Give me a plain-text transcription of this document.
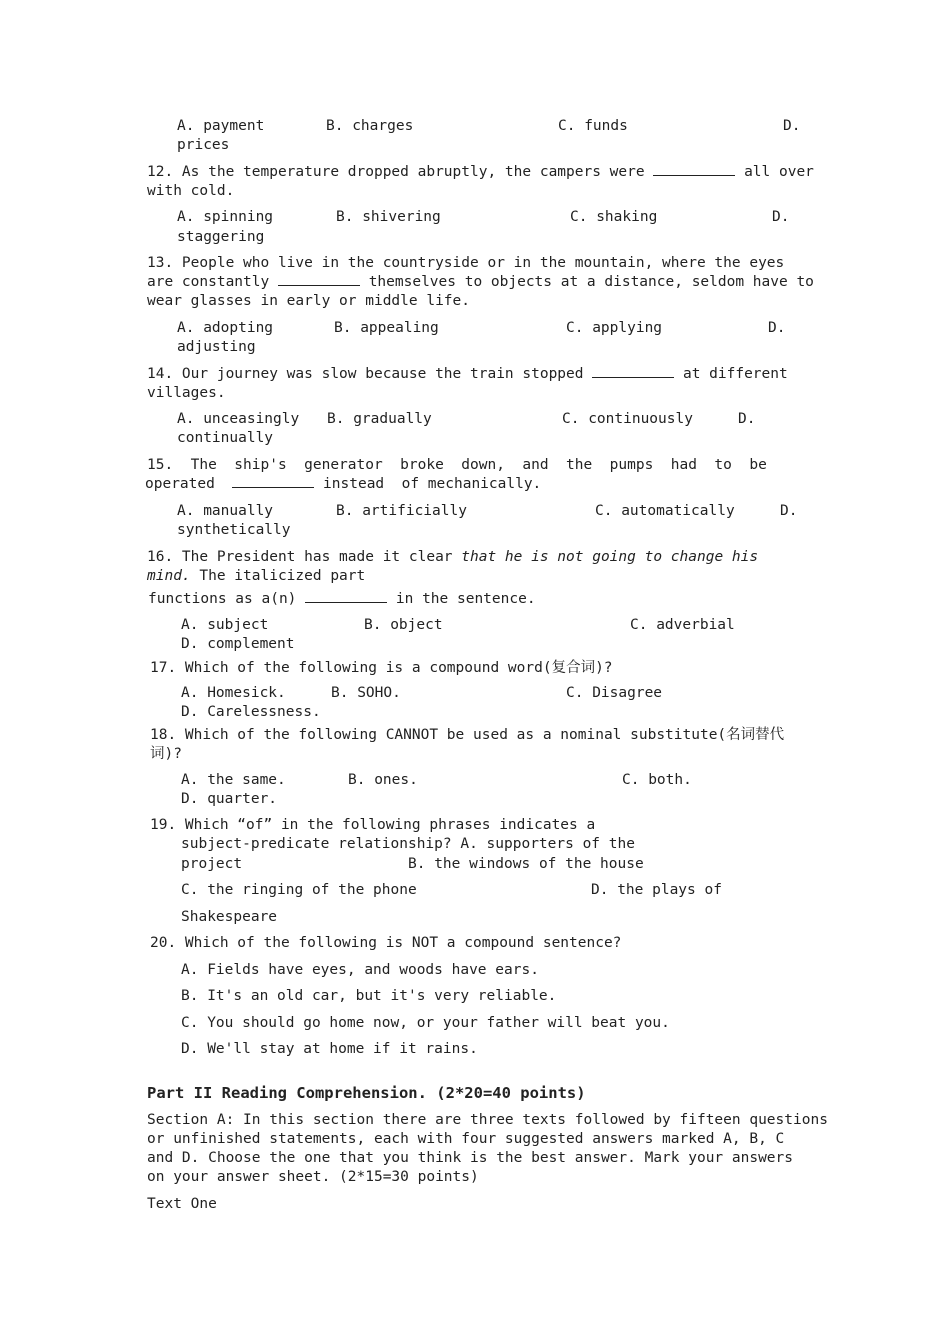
A. payment	B. charges	C. funds	D.
prices
12. As the temperature dropped abruptly, the campers were	all over
with cold.
A. spinning	B. shivering	C. shaking	D.
staggering
13. People who live in the countryside or in the mountain, where the eyes
are constantly	themselves to objects at a distance, seldom have to
wear glasses in early or middle life.
A. adopting	B. appealing	C. applying	D.
adjusting
14. Our journey was slow because the train stopped	at different
villages.
A. unceasingly B. gradually	C. continuously	D.
continually
15.  The  ship's  generator  broke  down,  and  the  pumps  had  to  be
operated	instead  of mechanically.
A. manually	B. artificially	C. automatically	D.
synthetically
16. The President has made it clear that he is not going to change his
mind. The italicized part
functions as a(n)	in the sentence.
A. subject	B. object	C. adverbial
D. complement
17. Which of the following is a compound word(复合词)?
A. Homesick.	B. SOHO.	C. Disagree
D. Carelessness.
18. Which of the following CANNOT be used as a nominal substitute(名词替代
词)?
A. the same.	B. ones.	C. both.
D. quarter.
19. Which “of” in the following phrases indicates a
subject-predicate relationship? A. supporters of the
project	B. the windows of the house
C. the ringing of the phone	D. the plays of
Shakespeare
20. Which of the following is NOT a compound sentence?
A. Fields have eyes, and woods have ears.
B. It's an old car, but it's very reliable.
C. You should go home now, or your father will beat you.
D. We'll stay at home if it rains.
Part II Reading Comprehension. (2*20=40 points)
Section A: In this section there are three texts followed by fifteen questions
or unfinished statements, each with four suggested answers marked A, B, C
and D. Choose the one that you think is the best answer. Mark your answers
on your answer sheet. (2*15=30 points)
Text One
